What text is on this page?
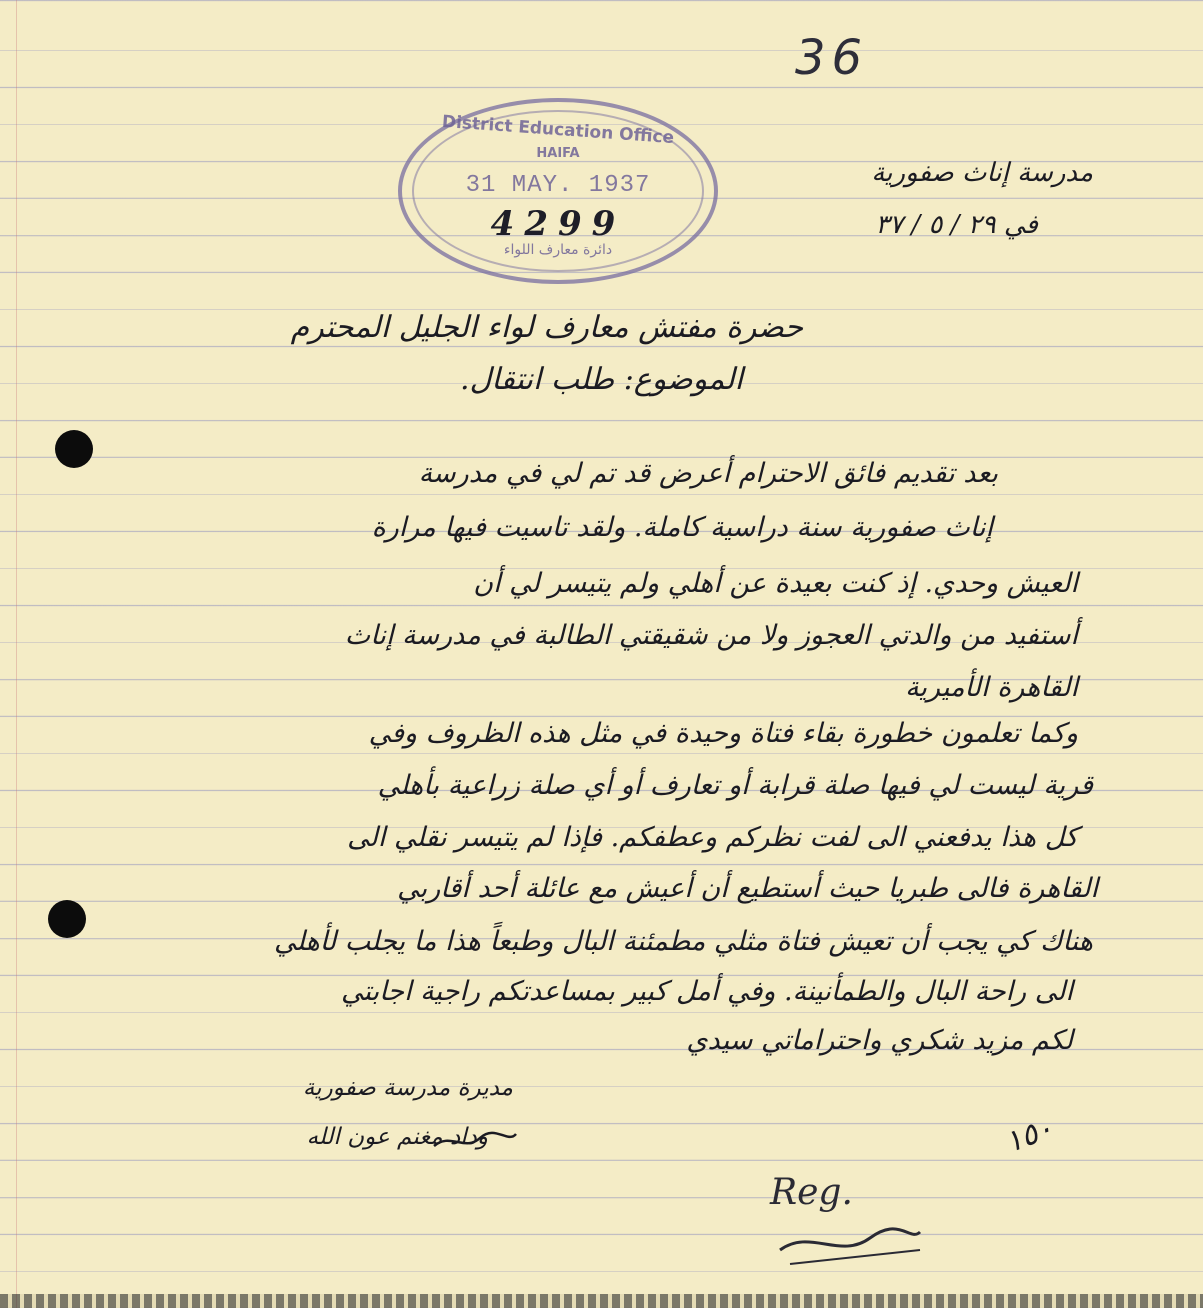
36
District Education Office
HAIFA
31 MAY. 1937
4299
دائرة معارف اللواء
مدرسة إناث صفورية
في ٢٩ / ٥ / ٣٧
حضرة مفتش معارف لواء الجليل المحترم
الموضوع: طلب انتقال.
بعد تقديم فائق الاحترام أعرض قد تم لي في مدرسة
إناث صفورية سنة دراسية كاملة. ولقد تاسيت فيها مرارة
العيش وحدي. إذ كنت بعيدة عن أهلي ولم يتيسر لي أن
أستفيد من والدتي العجوز ولا من شقيقتي الطالبة في مدرسة إناث
القاهرة الأميرية
وكما تعلمون خطورة بقاء فتاة وحيدة في مثل هذه الظروف وفي
قرية ليست لي فيها صلة قرابة أو تعارف أو أي صلة زراعية بأهلي
كل هذا يدفعني الى لفت نظركم وعطفكم. فإذا لم يتيسر نقلي الى
القاهرة فالى طبريا حيث أستطيع أن أعيش مع عائلة أحد أقاربي
هناك كي يجب أن تعيش فتاة مثلي مطمئنة البال وطبعاً هذا ما يجلب لأهلي
الى راحة البال والطمأنينة. وفي أمل كبير بمساعدتكم راجية اجابتي
لكم مزيد شكري واحتراماتي سيدي
مديرة مدرسة صفورية
وداد مغنم عون الله	١٥٠
Reg.
